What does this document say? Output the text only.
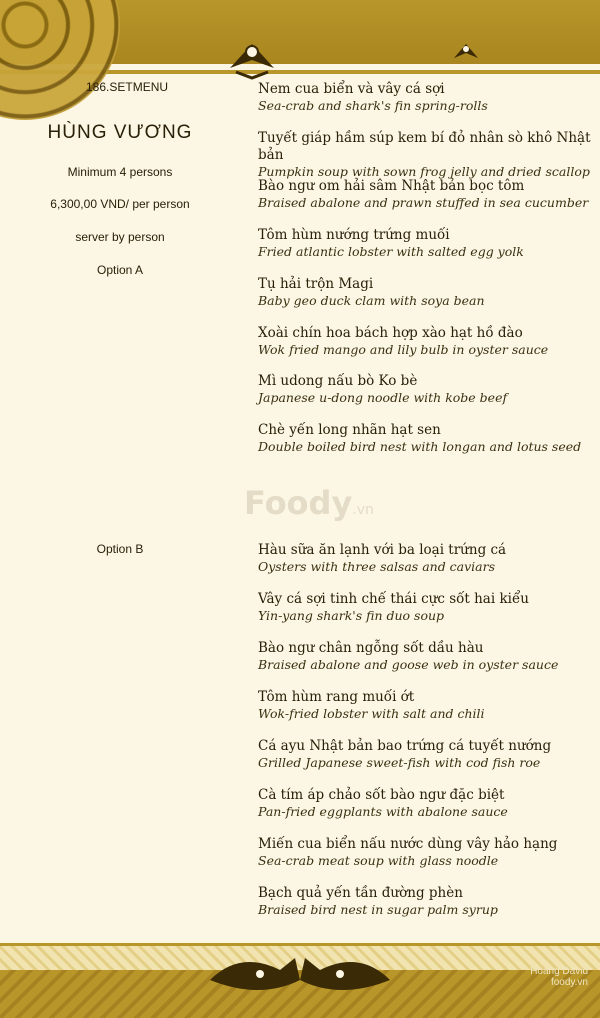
186.SETMENU
HÙNG VƯƠNG
Minimum 4 persons
6,300,00 VND/ per person
server by person
Option A
Option B
Nem cua biển và vây cá sợi
Sea-crab and shark's fin spring-rolls
Tuyết giáp hầm súp kem bí đỏ nhân sò khô Nhật bản
Pumpkin soup with sown frog jelly and dried scallop
Bào ngư om hải sâm Nhật bản bọc tôm
Braised abalone and prawn stuffed in sea cucumber
Tôm hùm nướng trứng muối
Fried atlantic lobster with salted egg yolk
Tụ hải trộn Magi
Baby geo duck clam with soya bean
Xoài chín hoa bách hợp xào hạt hồ đào
Wok fried mango and lily bulb in oyster sauce
Mì udong nấu bò Ko bè
Japanese u-dong noodle with kobe beef
Chè yến long nhãn hạt sen
Double boiled bird nest with longan and lotus seed
Foody.vn
Hàu sữa ăn lạnh với ba loại trứng cá
Oysters with three salsas and caviars
Vây cá sợi tinh chế thái cực sốt hai kiểu
Yin-yang shark's fin duo soup
Bào ngư chân ngỗng sốt dầu hàu
Braised abalone and goose web in oyster sauce
Tôm hùm rang muối ớt
Wok-fried lobster with salt and chili
Cá ayu Nhật bản bao trứng cá tuyết nướng
Grilled Japanese sweet-fish with cod fish roe
Cà tím áp chảo sốt bào ngư đặc biệt
Pan-fried eggplants with abalone sauce
Miến cua biển nấu nước dùng vây hảo hạng
Sea-crab meat soup with glass noodle
Bạch quả yến tần đường phèn
Braised bird nest in sugar palm syrup
Hoang David
foody.vn
